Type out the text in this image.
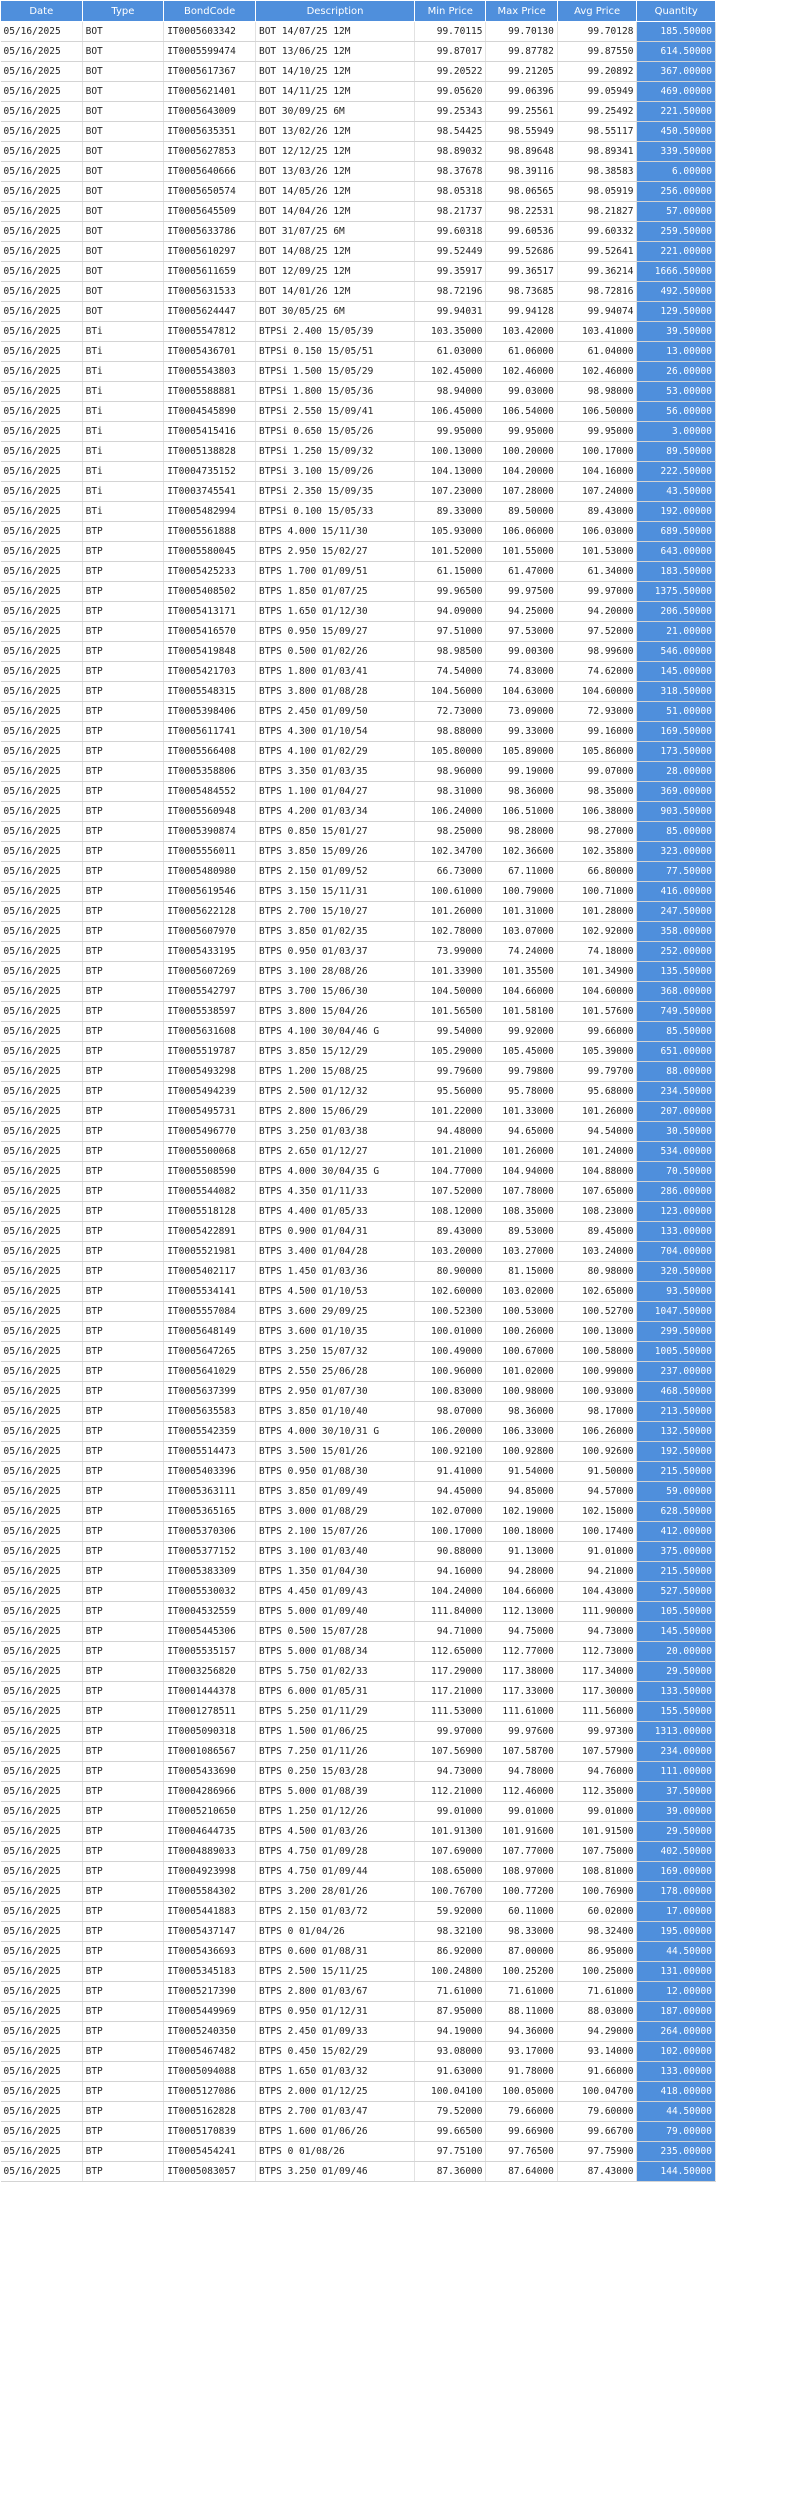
Date	Type	BondCode	Description	Min Price	Max Price	Avg Price	Quantity
05/16/2025	BOT	IT0005603342	BOT 14/07/25 12M	99.70115	99.70130	99.70128	185.50000
05/16/2025	BOT	IT0005599474	BOT 13/06/25 12M	99.87017	99.87782	99.87550	614.50000
05/16/2025	BOT	IT0005617367	BOT 14/10/25 12M	99.20522	99.21205	99.20892	367.00000
05/16/2025	BOT	IT0005621401	BOT 14/11/25 12M	99.05620	99.06396	99.05949	469.00000
05/16/2025	BOT	IT0005643009	BOT 30/09/25 6M	99.25343	99.25561	99.25492	221.50000
05/16/2025	BOT	IT0005635351	BOT 13/02/26 12M	98.54425	98.55949	98.55117	450.50000
05/16/2025	BOT	IT0005627853	BOT 12/12/25 12M	98.89032	98.89648	98.89341	339.50000
05/16/2025	BOT	IT0005640666	BOT 13/03/26 12M	98.37678	98.39116	98.38583	6.00000
05/16/2025	BOT	IT0005650574	BOT 14/05/26 12M	98.05318	98.06565	98.05919	256.00000
05/16/2025	BOT	IT0005645509	BOT 14/04/26 12M	98.21737	98.22531	98.21827	57.00000
05/16/2025	BOT	IT0005633786	BOT 31/07/25 6M	99.60318	99.60536	99.60332	259.50000
05/16/2025	BOT	IT0005610297	BOT 14/08/25 12M	99.52449	99.52686	99.52641	221.00000
05/16/2025	BOT	IT0005611659	BOT 12/09/25 12M	99.35917	99.36517	99.36214	1666.50000
05/16/2025	BOT	IT0005631533	BOT 14/01/26 12M	98.72196	98.73685	98.72816	492.50000
05/16/2025	BOT	IT0005624447	BOT 30/05/25 6M	99.94031	99.94128	99.94074	129.50000
05/16/2025	BTi	IT0005547812	BTPSi 2.400 15/05/39	103.35000	103.42000	103.41000	39.50000
05/16/2025	BTi	IT0005436701	BTPSi 0.150 15/05/51	61.03000	61.06000	61.04000	13.00000
05/16/2025	BTi	IT0005543803	BTPSi 1.500 15/05/29	102.45000	102.46000	102.46000	26.00000
05/16/2025	BTi	IT0005588881	BTPSi 1.800 15/05/36	98.94000	99.03000	98.98000	53.00000
05/16/2025	BTi	IT0004545890	BTPSi 2.550 15/09/41	106.45000	106.54000	106.50000	56.00000
05/16/2025	BTi	IT0005415416	BTPSi 0.650 15/05/26	99.95000	99.95000	99.95000	3.00000
05/16/2025	BTi	IT0005138828	BTPSi 1.250 15/09/32	100.13000	100.20000	100.17000	89.50000
05/16/2025	BTi	IT0004735152	BTPSi 3.100 15/09/26	104.13000	104.20000	104.16000	222.50000
05/16/2025	BTi	IT0003745541	BTPSi 2.350 15/09/35	107.23000	107.28000	107.24000	43.50000
05/16/2025	BTi	IT0005482994	BTPSi 0.100 15/05/33	89.33000	89.50000	89.43000	192.00000
05/16/2025	BTP	IT0005561888	BTPS 4.000 15/11/30	105.93000	106.06000	106.03000	689.50000
05/16/2025	BTP	IT0005580045	BTPS 2.950 15/02/27	101.52000	101.55000	101.53000	643.00000
05/16/2025	BTP	IT0005425233	BTPS 1.700 01/09/51	61.15000	61.47000	61.34000	183.50000
05/16/2025	BTP	IT0005408502	BTPS 1.850 01/07/25	99.96500	99.97500	99.97000	1375.50000
05/16/2025	BTP	IT0005413171	BTPS 1.650 01/12/30	94.09000	94.25000	94.20000	206.50000
05/16/2025	BTP	IT0005416570	BTPS 0.950 15/09/27	97.51000	97.53000	97.52000	21.00000
05/16/2025	BTP	IT0005419848	BTPS 0.500 01/02/26	98.98500	99.00300	98.99600	546.00000
05/16/2025	BTP	IT0005421703	BTPS 1.800 01/03/41	74.54000	74.83000	74.62000	145.00000
05/16/2025	BTP	IT0005548315	BTPS 3.800 01/08/28	104.56000	104.63000	104.60000	318.50000
05/16/2025	BTP	IT0005398406	BTPS 2.450 01/09/50	72.73000	73.09000	72.93000	51.00000
05/16/2025	BTP	IT0005611741	BTPS 4.300 01/10/54	98.88000	99.33000	99.16000	169.50000
05/16/2025	BTP	IT0005566408	BTPS 4.100 01/02/29	105.80000	105.89000	105.86000	173.50000
05/16/2025	BTP	IT0005358806	BTPS 3.350 01/03/35	98.96000	99.19000	99.07000	28.00000
05/16/2025	BTP	IT0005484552	BTPS 1.100 01/04/27	98.31000	98.36000	98.35000	369.00000
05/16/2025	BTP	IT0005560948	BTPS 4.200 01/03/34	106.24000	106.51000	106.38000	903.50000
05/16/2025	BTP	IT0005390874	BTPS 0.850 15/01/27	98.25000	98.28000	98.27000	85.00000
05/16/2025	BTP	IT0005556011	BTPS 3.850 15/09/26	102.34700	102.36600	102.35800	323.00000
05/16/2025	BTP	IT0005480980	BTPS 2.150 01/09/52	66.73000	67.11000	66.80000	77.50000
05/16/2025	BTP	IT0005619546	BTPS 3.150 15/11/31	100.61000	100.79000	100.71000	416.00000
05/16/2025	BTP	IT0005622128	BTPS 2.700 15/10/27	101.26000	101.31000	101.28000	247.50000
05/16/2025	BTP	IT0005607970	BTPS 3.850 01/02/35	102.78000	103.07000	102.92000	358.00000
05/16/2025	BTP	IT0005433195	BTPS 0.950 01/03/37	73.99000	74.24000	74.18000	252.00000
05/16/2025	BTP	IT0005607269	BTPS 3.100 28/08/26	101.33900	101.35500	101.34900	135.50000
05/16/2025	BTP	IT0005542797	BTPS 3.700 15/06/30	104.50000	104.66000	104.60000	368.00000
05/16/2025	BTP	IT0005538597	BTPS 3.800 15/04/26	101.56500	101.58100	101.57600	749.50000
05/16/2025	BTP	IT0005631608	BTPS 4.100 30/04/46 G	99.54000	99.92000	99.66000	85.50000
05/16/2025	BTP	IT0005519787	BTPS 3.850 15/12/29	105.29000	105.45000	105.39000	651.00000
05/16/2025	BTP	IT0005493298	BTPS 1.200 15/08/25	99.79600	99.79800	99.79700	88.00000
05/16/2025	BTP	IT0005494239	BTPS 2.500 01/12/32	95.56000	95.78000	95.68000	234.50000
05/16/2025	BTP	IT0005495731	BTPS 2.800 15/06/29	101.22000	101.33000	101.26000	207.00000
05/16/2025	BTP	IT0005496770	BTPS 3.250 01/03/38	94.48000	94.65000	94.54000	30.50000
05/16/2025	BTP	IT0005500068	BTPS 2.650 01/12/27	101.21000	101.26000	101.24000	534.00000
05/16/2025	BTP	IT0005508590	BTPS 4.000 30/04/35 G	104.77000	104.94000	104.88000	70.50000
05/16/2025	BTP	IT0005544082	BTPS 4.350 01/11/33	107.52000	107.78000	107.65000	286.00000
05/16/2025	BTP	IT0005518128	BTPS 4.400 01/05/33	108.12000	108.35000	108.23000	123.00000
05/16/2025	BTP	IT0005422891	BTPS 0.900 01/04/31	89.43000	89.53000	89.45000	133.00000
05/16/2025	BTP	IT0005521981	BTPS 3.400 01/04/28	103.20000	103.27000	103.24000	704.00000
05/16/2025	BTP	IT0005402117	BTPS 1.450 01/03/36	80.90000	81.15000	80.98000	320.50000
05/16/2025	BTP	IT0005534141	BTPS 4.500 01/10/53	102.60000	103.02000	102.65000	93.50000
05/16/2025	BTP	IT0005557084	BTPS 3.600 29/09/25	100.52300	100.53000	100.52700	1047.50000
05/16/2025	BTP	IT0005648149	BTPS 3.600 01/10/35	100.01000	100.26000	100.13000	299.50000
05/16/2025	BTP	IT0005647265	BTPS 3.250 15/07/32	100.49000	100.67000	100.58000	1005.50000
05/16/2025	BTP	IT0005641029	BTPS 2.550 25/06/28	100.96000	101.02000	100.99000	237.00000
05/16/2025	BTP	IT0005637399	BTPS 2.950 01/07/30	100.83000	100.98000	100.93000	468.50000
05/16/2025	BTP	IT0005635583	BTPS 3.850 01/10/40	98.07000	98.36000	98.17000	213.50000
05/16/2025	BTP	IT0005542359	BTPS 4.000 30/10/31 G	106.20000	106.33000	106.26000	132.50000
05/16/2025	BTP	IT0005514473	BTPS 3.500 15/01/26	100.92100	100.92800	100.92600	192.50000
05/16/2025	BTP	IT0005403396	BTPS 0.950 01/08/30	91.41000	91.54000	91.50000	215.50000
05/16/2025	BTP	IT0005363111	BTPS 3.850 01/09/49	94.45000	94.85000	94.57000	59.00000
05/16/2025	BTP	IT0005365165	BTPS 3.000 01/08/29	102.07000	102.19000	102.15000	628.50000
05/16/2025	BTP	IT0005370306	BTPS 2.100 15/07/26	100.17000	100.18000	100.17400	412.00000
05/16/2025	BTP	IT0005377152	BTPS 3.100 01/03/40	90.88000	91.13000	91.01000	375.00000
05/16/2025	BTP	IT0005383309	BTPS 1.350 01/04/30	94.16000	94.28000	94.21000	215.50000
05/16/2025	BTP	IT0005530032	BTPS 4.450 01/09/43	104.24000	104.66000	104.43000	527.50000
05/16/2025	BTP	IT0004532559	BTPS 5.000 01/09/40	111.84000	112.13000	111.90000	105.50000
05/16/2025	BTP	IT0005445306	BTPS 0.500 15/07/28	94.71000	94.75000	94.73000	145.50000
05/16/2025	BTP	IT0005535157	BTPS 5.000 01/08/34	112.65000	112.77000	112.73000	20.00000
05/16/2025	BTP	IT0003256820	BTPS 5.750 01/02/33	117.29000	117.38000	117.34000	29.50000
05/16/2025	BTP	IT0001444378	BTPS 6.000 01/05/31	117.21000	117.33000	117.30000	133.50000
05/16/2025	BTP	IT0001278511	BTPS 5.250 01/11/29	111.53000	111.61000	111.56000	155.50000
05/16/2025	BTP	IT0005090318	BTPS 1.500 01/06/25	99.97000	99.97600	99.97300	1313.00000
05/16/2025	BTP	IT0001086567	BTPS 7.250 01/11/26	107.56900	107.58700	107.57900	234.00000
05/16/2025	BTP	IT0005433690	BTPS 0.250 15/03/28	94.73000	94.78000	94.76000	111.00000
05/16/2025	BTP	IT0004286966	BTPS 5.000 01/08/39	112.21000	112.46000	112.35000	37.50000
05/16/2025	BTP	IT0005210650	BTPS 1.250 01/12/26	99.01000	99.01000	99.01000	39.00000
05/16/2025	BTP	IT0004644735	BTPS 4.500 01/03/26	101.91300	101.91600	101.91500	29.50000
05/16/2025	BTP	IT0004889033	BTPS 4.750 01/09/28	107.69000	107.77000	107.75000	402.50000
05/16/2025	BTP	IT0004923998	BTPS 4.750 01/09/44	108.65000	108.97000	108.81000	169.00000
05/16/2025	BTP	IT0005584302	BTPS 3.200 28/01/26	100.76700	100.77200	100.76900	178.00000
05/16/2025	BTP	IT0005441883	BTPS 2.150 01/03/72	59.92000	60.11000	60.02000	17.00000
05/16/2025	BTP	IT0005437147	BTPS 0 01/04/26	98.32100	98.33000	98.32400	195.00000
05/16/2025	BTP	IT0005436693	BTPS 0.600 01/08/31	86.92000	87.00000	86.95000	44.50000
05/16/2025	BTP	IT0005345183	BTPS 2.500 15/11/25	100.24800	100.25200	100.25000	131.00000
05/16/2025	BTP	IT0005217390	BTPS 2.800 01/03/67	71.61000	71.61000	71.61000	12.00000
05/16/2025	BTP	IT0005449969	BTPS 0.950 01/12/31	87.95000	88.11000	88.03000	187.00000
05/16/2025	BTP	IT0005240350	BTPS 2.450 01/09/33	94.19000	94.36000	94.29000	264.00000
05/16/2025	BTP	IT0005467482	BTPS 0.450 15/02/29	93.08000	93.17000	93.14000	102.00000
05/16/2025	BTP	IT0005094088	BTPS 1.650 01/03/32	91.63000	91.78000	91.66000	133.00000
05/16/2025	BTP	IT0005127086	BTPS 2.000 01/12/25	100.04100	100.05000	100.04700	418.00000
05/16/2025	BTP	IT0005162828	BTPS 2.700 01/03/47	79.52000	79.66000	79.60000	44.50000
05/16/2025	BTP	IT0005170839	BTPS 1.600 01/06/26	99.66500	99.66900	99.66700	79.00000
05/16/2025	BTP	IT0005454241	BTPS 0 01/08/26	97.75100	97.76500	97.75900	235.00000
05/16/2025	BTP	IT0005083057	BTPS 3.250 01/09/46	87.36000	87.64000	87.43000	144.50000
